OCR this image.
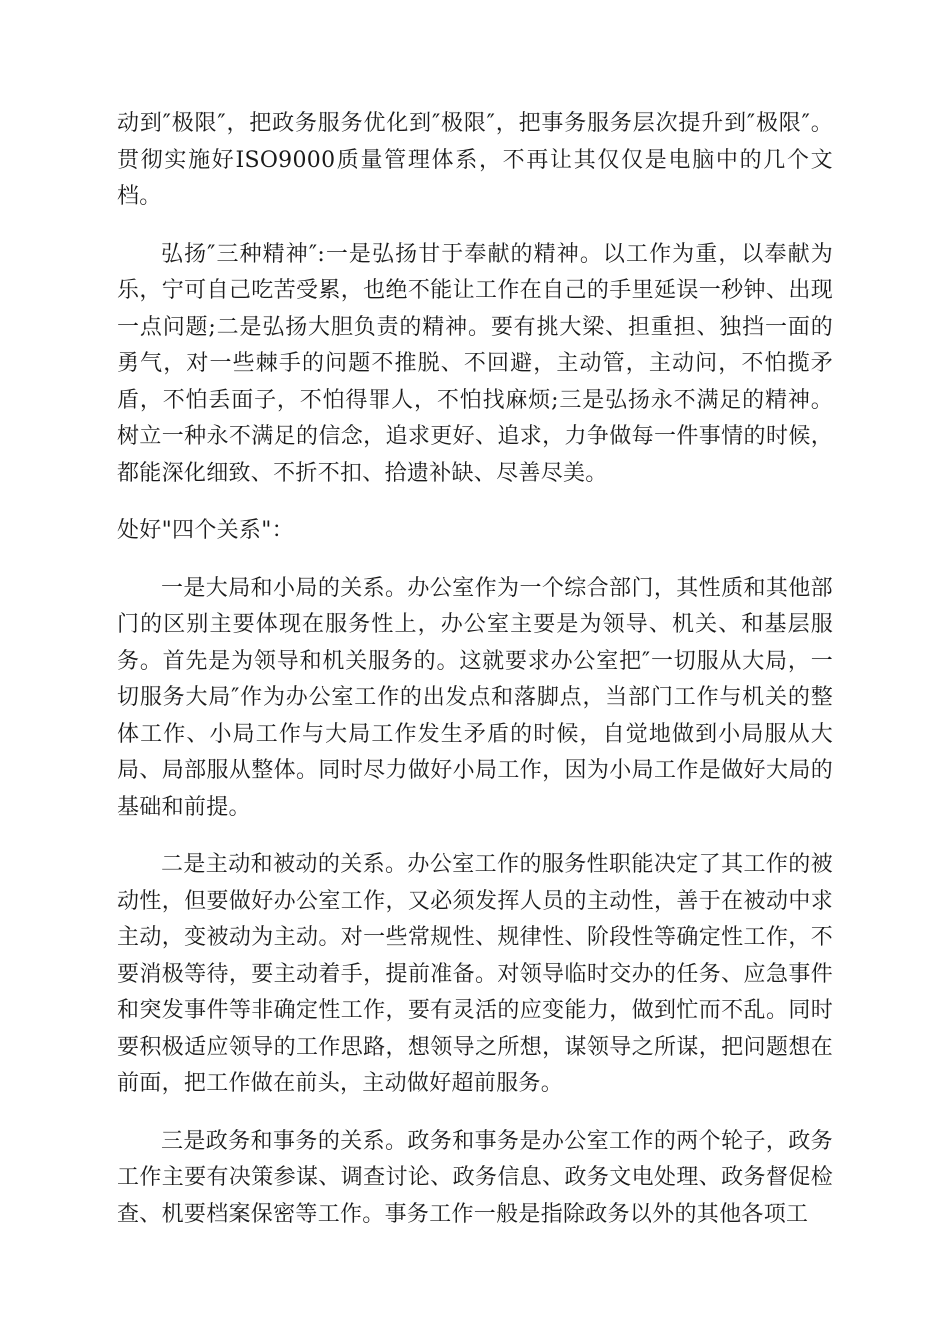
动到″极限″，把政务服务优化到″极限″，把事务服务层次提升到″极限″。贯彻实施好ISO9000质量管理体系，不再让其仅仅是电脑中的几个文档。

弘扬″三种精神″:一是弘扬甘于奉献的精神。以工作为重，以奉献为乐，宁可自己吃苦受累，也绝不能让工作在自己的手里延误一秒钟、出现一点问题;二是弘扬大胆负责的精神。要有挑大梁、担重担、独挡一面的勇气，对一些棘手的问题不推脱、不回避，主动管，主动问，不怕揽矛盾，不怕丢面子，不怕得罪人，不怕找麻烦;三是弘扬永不满足的精神。树立一种永不满足的信念，追求更好、追求，力争做每一件事情的时候，都能深化细致、不折不扣、拾遗补缺、尽善尽美。

处好"四个关系"：

一是大局和小局的关系。办公室作为一个综合部门，其性质和其他部门的区别主要体现在服务性上，办公室主要是为领导、机关、和基层服务。首先是为领导和机关服务的。这就要求办公室把″一切服从大局，一切服务大局″作为办公室工作的出发点和落脚点，当部门工作与机关的整体工作、小局工作与大局工作发生矛盾的时候，自觉地做到小局服从大局、局部服从整体。同时尽力做好小局工作，因为小局工作是做好大局的基础和前提。

二是主动和被动的关系。办公室工作的服务性职能决定了其工作的被动性，但要做好办公室工作，又必须发挥人员的主动性，善于在被动中求主动，变被动为主动。对一些常规性、规律性、阶段性等确定性工作，不要消极等待，要主动着手，提前准备。对领导临时交办的任务、应急事件和突发事件等非确定性工作，要有灵活的应变能力，做到忙而不乱。同时要积极适应领导的工作思路，想领导之所想，谋领导之所谋，把问题想在前面，把工作做在前头，主动做好超前服务。

三是政务和事务的关系。政务和事务是办公室工作的两个轮子，政务工作主要有决策参谋、调查讨论、政务信息、政务文电处理、政务督促检查、机要档案保密等工作。事务工作一般是指除政务以外的其他各项工
